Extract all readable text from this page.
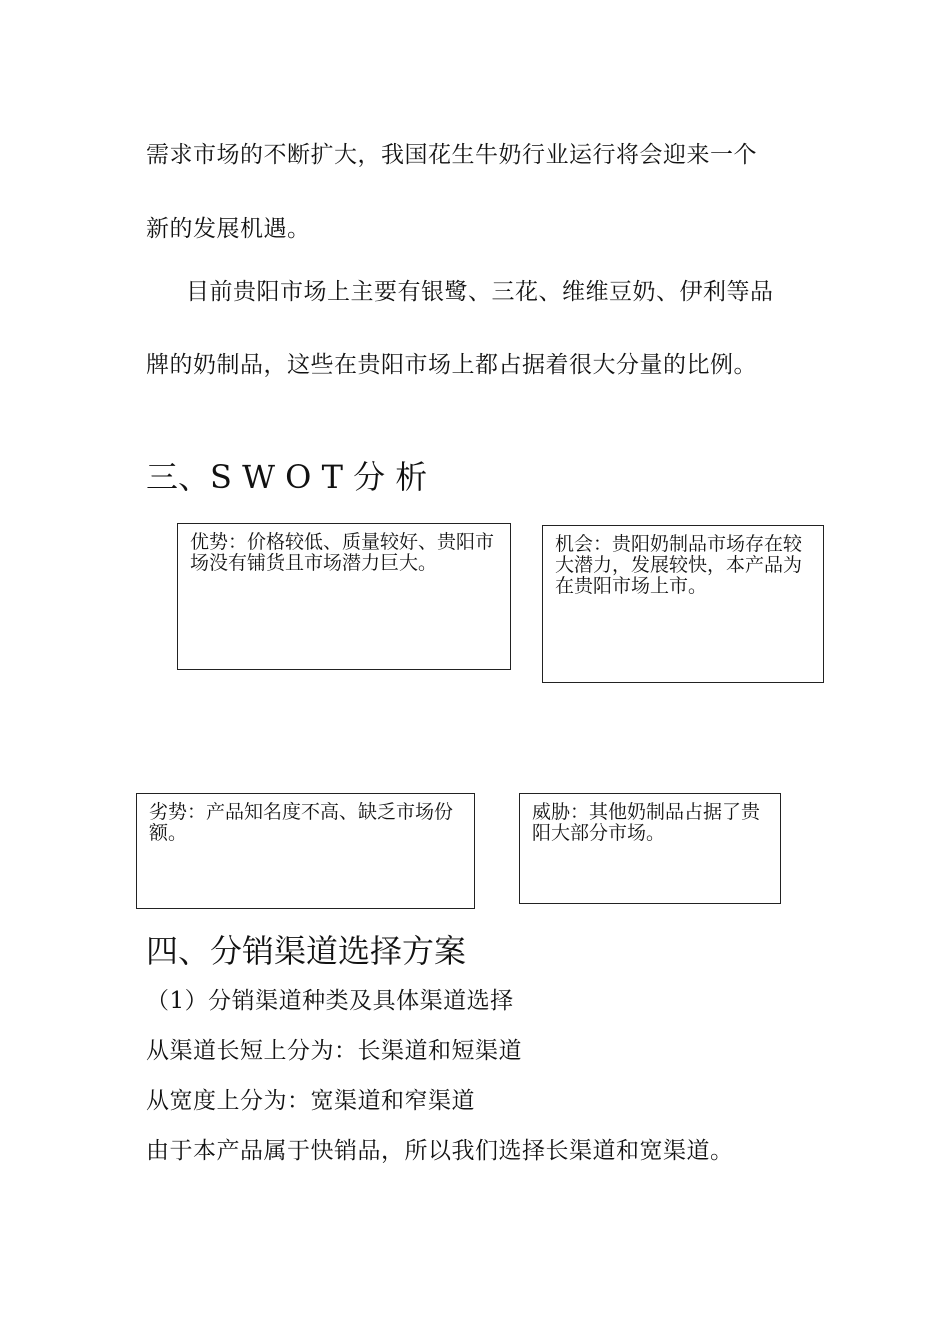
需求市场的不断扩大，我国花生牛奶行业运行将会迎来一个
新的发展机遇。
目前贵阳市场上主要有银鹭、三花、维维豆奶、伊利等品
牌的奶制品，这些在贵阳市场上都占据着很大分量的比例。
三、S W O T 分 析
优势：价格较低、质量较好、贵阳市场没有铺货且市场潜力巨大。
机会：贵阳奶制品市场存在较大潜力，发展较快，本产品为在贵阳市场上市。
劣势：产品知名度不高、缺乏市场份额。
威胁：其他奶制品占据了贵阳大部分市场。
四、分销渠道选择方案
（1）分销渠道种类及具体渠道选择
从渠道长短上分为：长渠道和短渠道
从宽度上分为：宽渠道和窄渠道
由于本产品属于快销品，所以我们选择长渠道和宽渠道。
